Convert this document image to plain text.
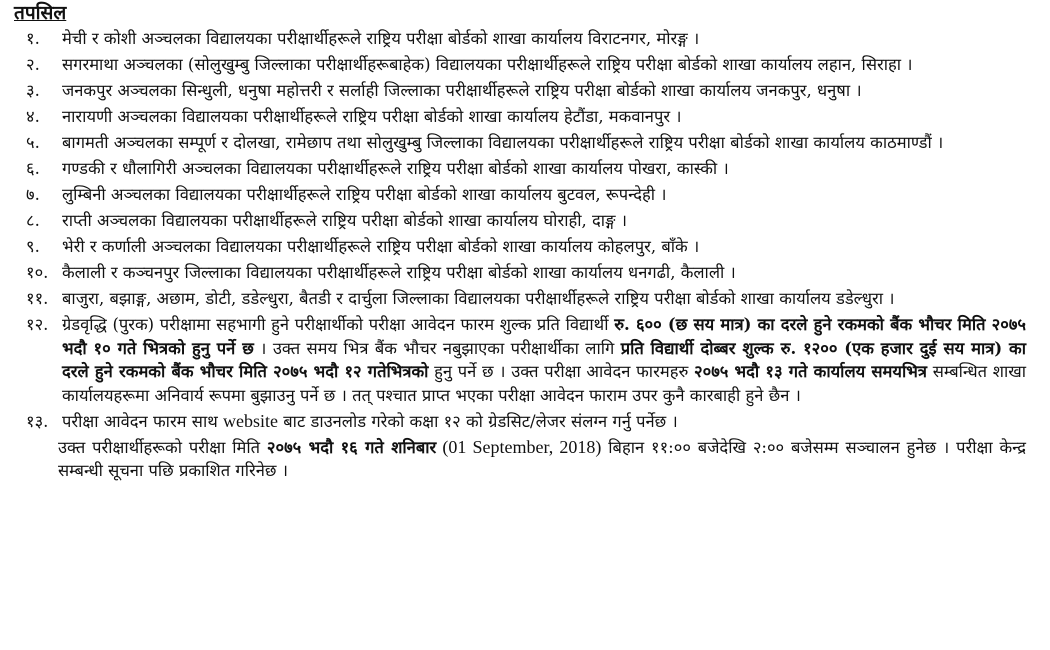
तपसिल
१.	मेची र कोशी अञ्चलका विद्यालयका परीक्षार्थीहरूले राष्ट्रिय परीक्षा बोर्डको शाखा कार्यालय विराटनगर, मोरङ्ग ।
२.	सगरमाथा अञ्चलका (सोलुखुम्बु जिल्लाका परीक्षार्थीहरूबाहेक) विद्यालयका परीक्षार्थीहरूले राष्ट्रिय परीक्षा बोर्डको शाखा कार्यालय लहान, सिराहा ।
३.	जनकपुर अञ्चलका सिन्धुली, धनुषा महोत्तरी र सर्लाही जिल्लाका परीक्षार्थीहरूले राष्ट्रिय परीक्षा बोर्डको शाखा कार्यालय जनकपुर, धनुषा ।
४.	नारायणी अञ्चलका विद्यालयका परीक्षार्थीहरूले राष्ट्रिय परीक्षा बोर्डको शाखा कार्यालय हेटौंडा, मकवानपुर ।
५.	बागमती अञ्चलका सम्पूर्ण र दोलखा, रामेछाप तथा सोलुखुम्बु जिल्लाका विद्यालयका परीक्षार्थीहरूले राष्ट्रिय परीक्षा बोर्डको शाखा कार्यालय काठमाण्डौं ।
६.	गण्डकी र धौलागिरी अञ्चलका विद्यालयका परीक्षार्थीहरूले राष्ट्रिय परीक्षा बोर्डको शाखा कार्यालय पोखरा, कास्की ।
७.	लुम्बिनी अञ्चलका विद्यालयका परीक्षार्थीहरूले राष्ट्रिय परीक्षा बोर्डको शाखा कार्यालय बुटवल, रूपन्देही ।
८.	राप्ती अञ्चलका विद्यालयका परीक्षार्थीहरूले राष्ट्रिय परीक्षा बोर्डको शाखा कार्यालय घोराही, दाङ्ग ।
९.	भेरी र कर्णाली अञ्चलका विद्यालयका परीक्षार्थीहरूले राष्ट्रिय परीक्षा बोर्डको शाखा कार्यालय कोहलपुर, बाँके ।
१०. कैलाली र कञ्चनपुर जिल्लाका विद्यालयका परीक्षार्थीहरूले राष्ट्रिय परीक्षा बोर्डको शाखा कार्यालय धनगढी, कैलाली ।
११. बाजुरा, बझाङ्ग, अछाम, डोटी, डडेल्धुरा, बैतडी र दार्चुला जिल्लाका विद्यालयका परीक्षार्थीहरूले राष्ट्रिय परीक्षा बोर्डको शाखा कार्यालय डडेल्धुरा ।
१२. ग्रेडवृद्धि (पुरक) परीक्षामा सहभागी हुने परीक्षार्थीको परीक्षा आवेदन फारम शुल्क प्रति विद्यार्थी रु. ६०० (छ सय मात्र) का दरले हुने रकमको बैंक भौचर मिति २०७५ भदौ १० गते भित्रको हुनु पर्ने छ । उक्त समय भित्र बैंक भौचर नबुझाएका परीक्षार्थीका लागि प्रति विद्यार्थी दोब्बर शुल्क रु. १२०० (एक हजार दुई सय मात्र) का दरले हुने रकमको बैंक भौचर मिति २०७५ भदौ १२ गतेभित्रको हुनु पर्ने छ । उक्त परीक्षा आवेदन फारमहरु २०७५ भदौ १३ गते कार्यालय समयभित्र सम्बन्धित शाखा कार्यालयहरूमा अनिवार्य रूपमा बुझाउनु पर्ने छ । तत् पश्चात प्राप्त भएका परीक्षा आवेदन फाराम उपर कुनै कारबाही हुने छैन ।
१३. परीक्षा आवेदन फारम साथ website बाट डाउनलोड गरेको कक्षा १२ को ग्रेडसिट/लेजर संलग्न गर्नु पर्नेछ ।
उक्त परीक्षार्थीहरूको परीक्षा मिति २०७५ भदौ १६ गते शनिबार (01 September, 2018) बिहान ११:०० बजेदेखि २:०० बजेसम्म सञ्चालन हुनेछ । परीक्षा केन्द्र सम्बन्धी सूचना पछि प्रकाशित गरिनेछ ।
